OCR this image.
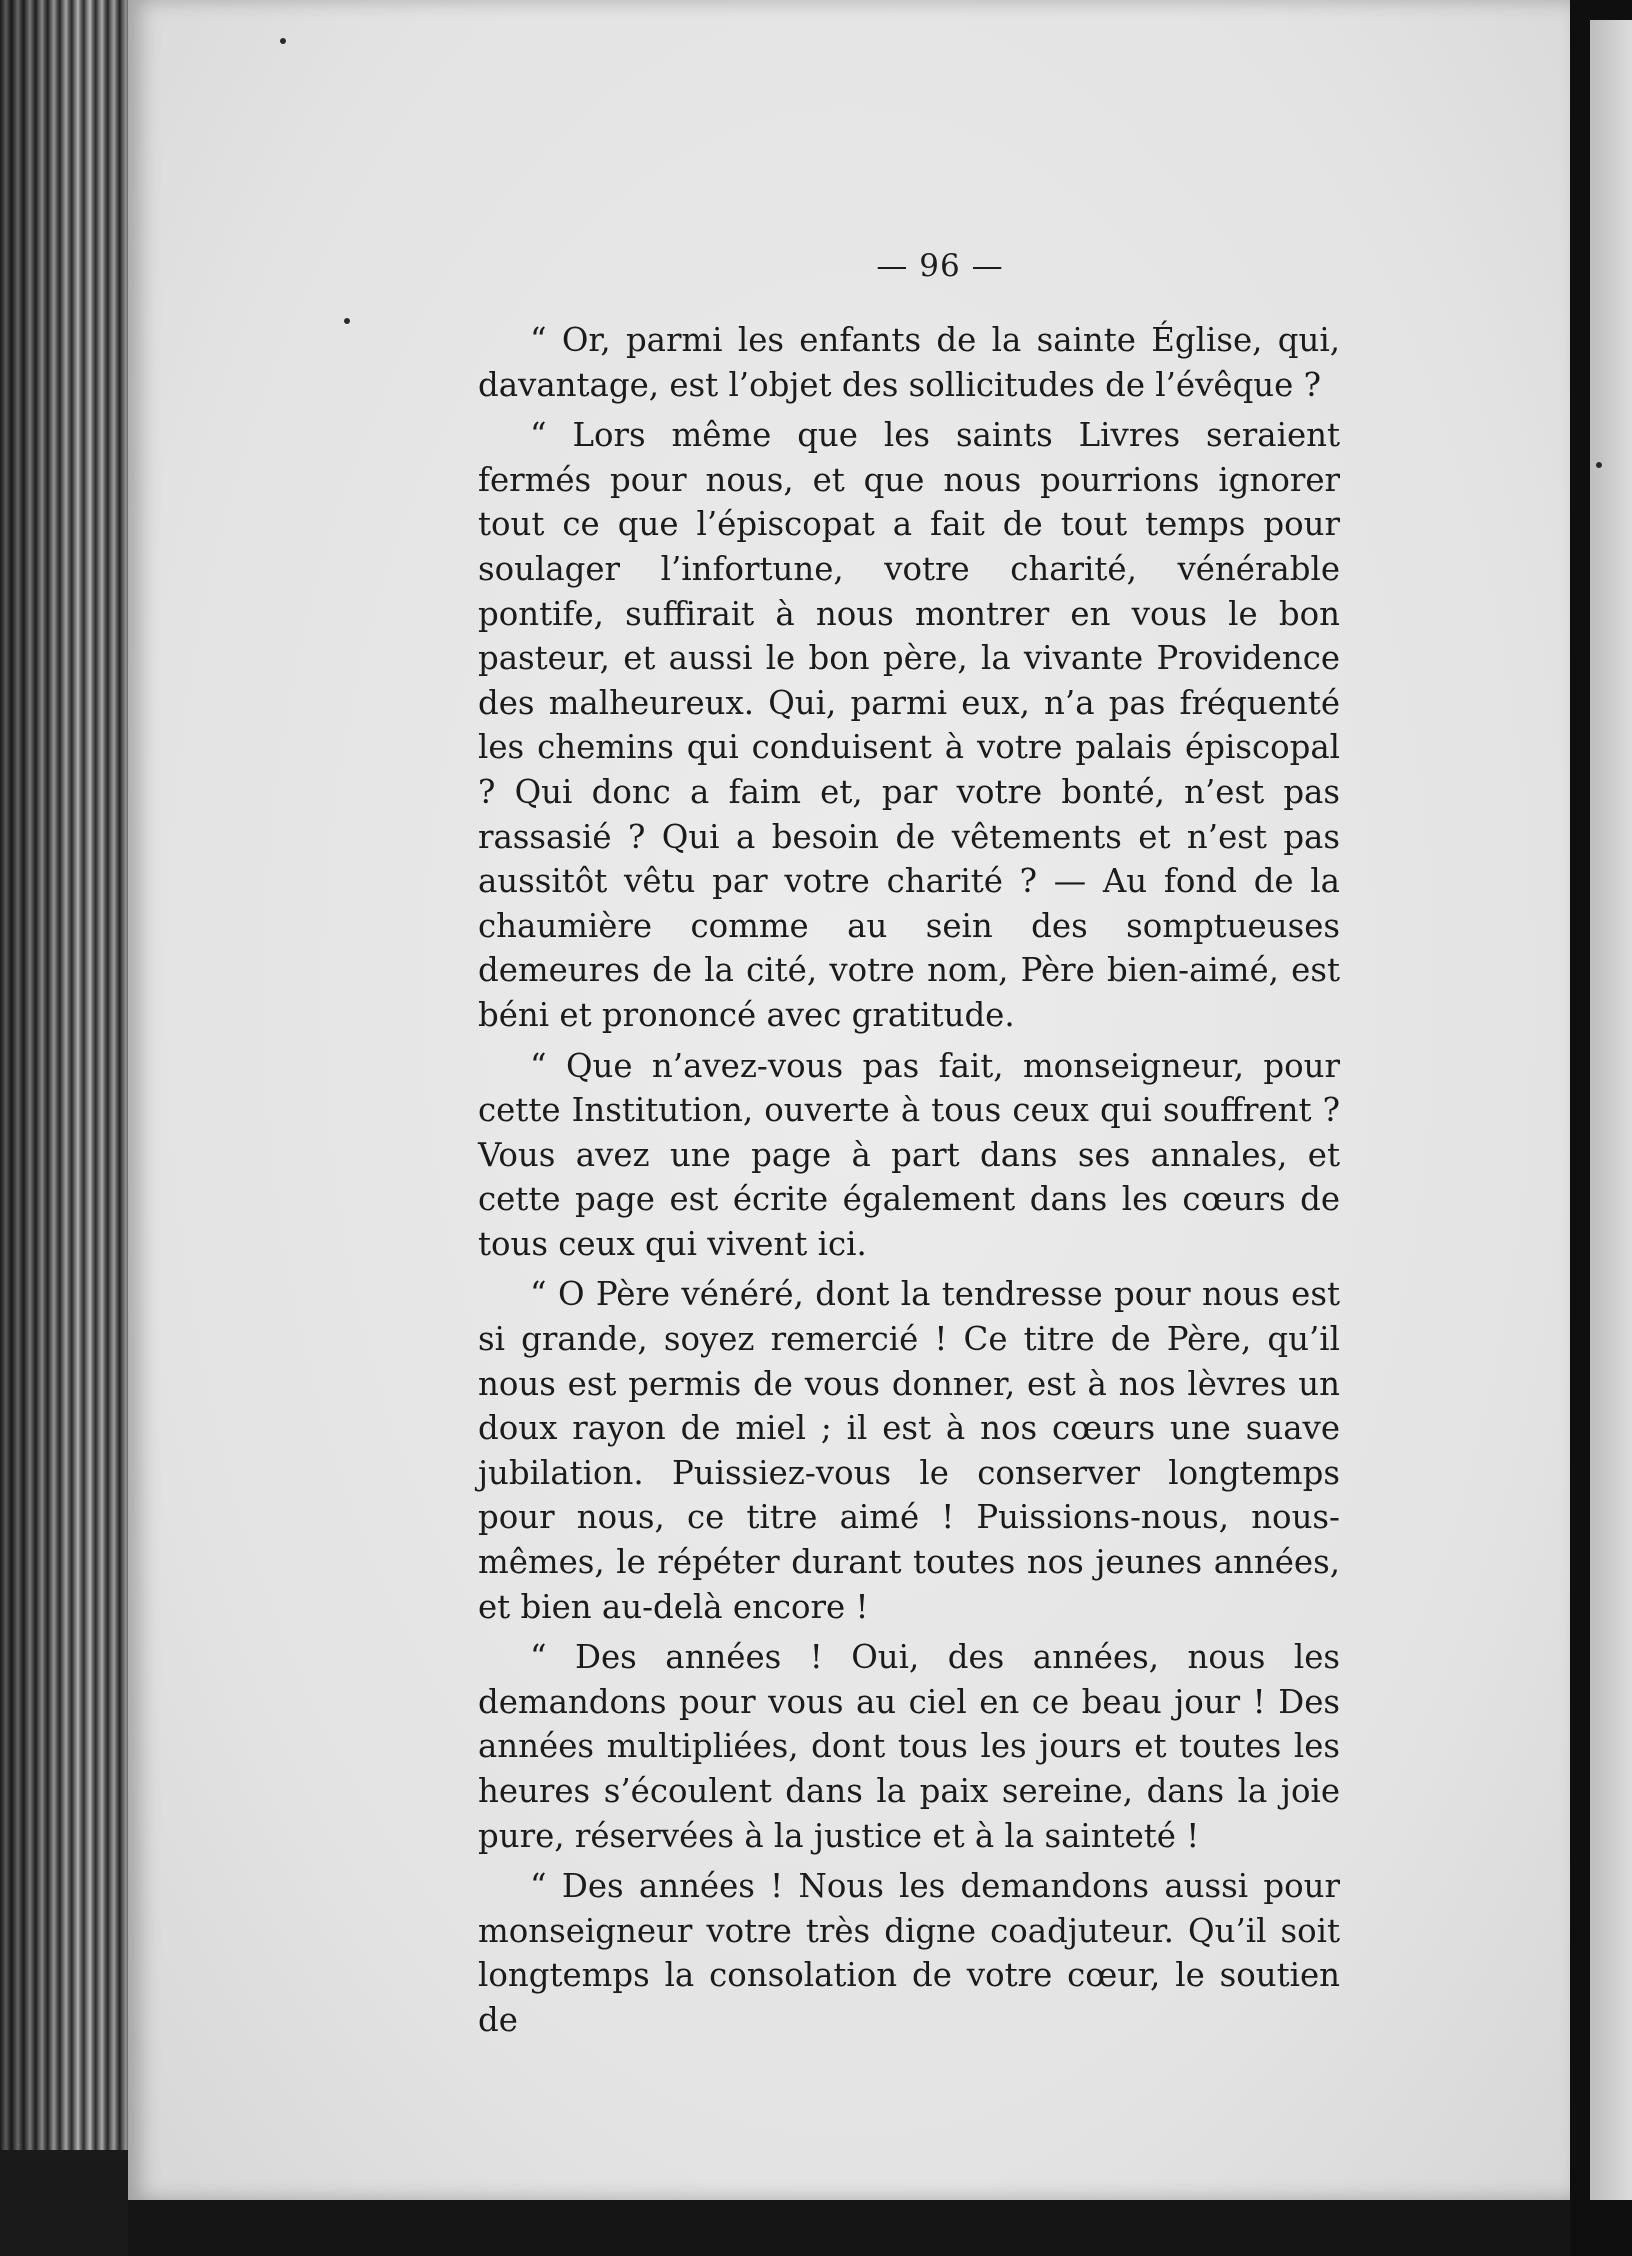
— 96 —

“ Or, parmi les enfants de la sainte Église, qui, davantage, est l’objet des sollicitudes de l’évêque ?

“ Lors même que les saints Livres seraient fermés pour nous, et que nous pourrions ignorer tout ce que l’épiscopat a fait de tout temps pour soulager l’infortune, votre charité, vénérable pontife, suffirait à nous montrer en vous le bon pasteur, et aussi le bon père, la vivante Providence des malheureux. Qui, parmi eux, n’a pas fréquenté les chemins qui conduisent à votre palais épiscopal ? Qui donc a faim et, par votre bonté, n’est pas rassasié ? Qui a besoin de vêtements et n’est pas aussitôt vêtu par votre charité ? — Au fond de la chaumière comme au sein des somptueuses demeures de la cité, votre nom, Père bien-aimé, est béni et prononcé avec gratitude.

“ Que n’avez-vous pas fait, monseigneur, pour cette Institution, ouverte à tous ceux qui souffrent ? Vous avez une page à part dans ses annales, et cette page est écrite également dans les cœurs de tous ceux qui vivent ici.

“ O Père vénéré, dont la tendresse pour nous est si grande, soyez remercié ! Ce titre de Père, qu’il nous est permis de vous donner, est à nos lèvres un doux rayon de miel ; il est à nos cœurs une suave jubilation. Puissiez-vous le conserver longtemps pour nous, ce titre aimé ! Puissions-nous, nous-mêmes, le répéter durant toutes nos jeunes années, et bien au-delà encore !

“ Des années ! Oui, des années, nous les demandons pour vous au ciel en ce beau jour ! Des années multipliées, dont tous les jours et toutes les heures s’écoulent dans la paix sereine, dans la joie pure, réservées à la justice et à la sainteté !

“ Des années ! Nous les demandons aussi pour monseigneur votre très digne coadjuteur. Qu’il soit longtemps la consolation de votre cœur, le soutien de
